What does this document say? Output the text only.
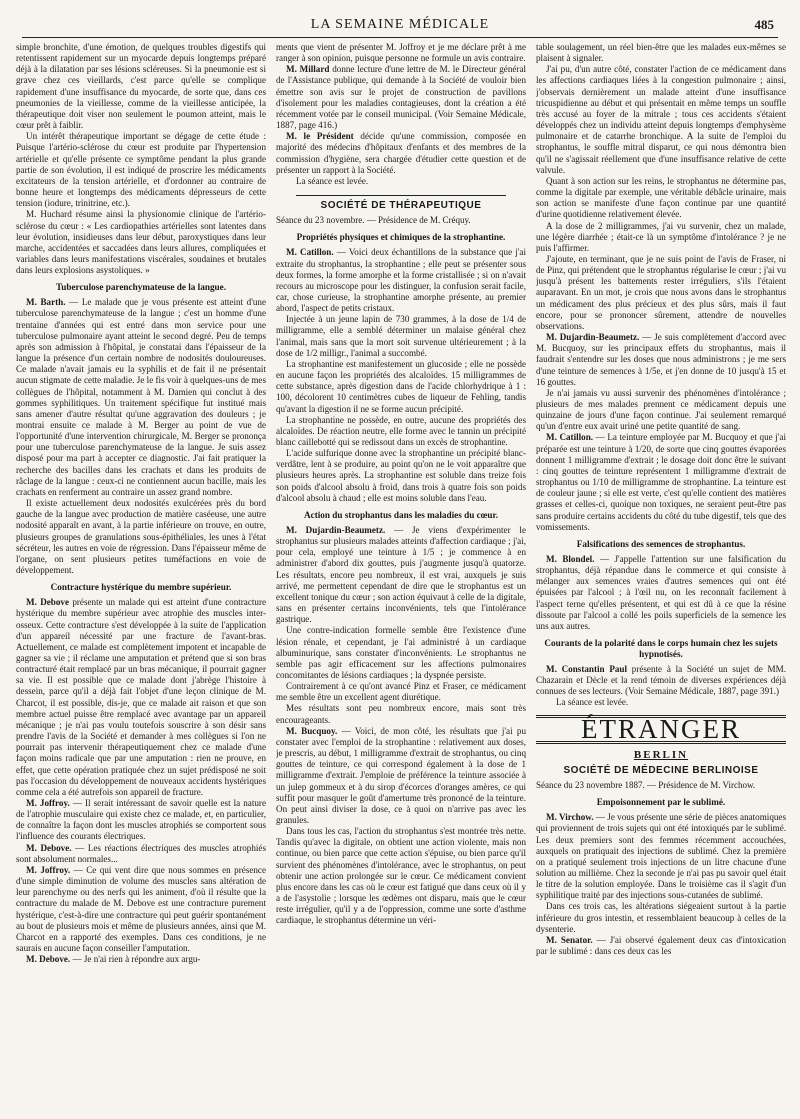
LA SEMAINE MÉDICALE	485

simple bronchite, d'une émotion, de quelques troubles digestifs qui retentissent rapidement sur un myocarde depuis longtemps préparé déjà à la dilatation par ses lésions scléreuses. Si la pneumonie est si grave chez ces vieillards, c'est parce qu'elle se complique rapidement d'une insuffisance du myocarde, de sorte que, dans ces pneumonies de la vieillesse, comme de la vieillesse anticipée, la thérapeutique doit viser non seulement le poumon atteint, mais le cœur prêt à faiblir.

Un intérêt thérapeutique important se dégage de cette étude : Puisque l'artério-sclérose du cœur est produite par l'hypertension artérielle et qu'elle présente ce symptôme pendant la plus grande partie de son évolution, il est indiqué de proscrire les médicaments excitateurs de la tension artérielle, et d'ordonner au contraire de bonne heure et longtemps des médicaments dépresseurs de cette tension (iodure, trinitrine, etc.).

M. Huchard résume ainsi la physionomie clinique de l'artério-sclérose du cœur : « Les cardiopathies artérielles sont latentes dans leur évolution, insidieuses dans leur début, paroxystiques dans leur marche, accidentées et saccadées dans leurs allures, compliquées et variables dans leurs manifestations viscérales, soudaines et brutales dans leurs explosions asystoliques. »

Tuberculose parenchymateuse de la langue.

M. Barth. — Le malade que je vous présente est atteint d'une tuberculose parenchymateuse de la langue ; c'est un homme d'une trentaine d'années qui est entré dans mon service pour une tuberculose pulmonaire ayant atteint le second degré. Peu de temps après son admission à l'hôpital, je constatai dans l'épaisseur de la langue la présence d'un certain nombre de nodosités douloureuses. Ce malade n'avait jamais eu la syphilis et de fait il ne présentait aucun stigmate de cette maladie. Je le fis voir à quelques-uns de mes collègues de l'hôpital, notamment à M. Damien qui conclut à des gommes syphilitiques. Un traitement spécifique fut institué mais sans amener d'autre résultat qu'une aggravation des douleurs ; je montrai ensuite ce malade à M. Berger au point de vue de l'opportunité d'une intervention chirurgicale, M. Berger se prononça pour une tuberculose parenchymateuse de la langue. Je suis assez disposé pour ma part à accepter ce diagnostic. J'ai fait pratiquer la recherche des bacilles dans les crachats et dans les produits de râclage de la langue : ceux-ci ne contiennent aucun bacille, mais les crachats en renferment au contraire un assez grand nombre.

Il existe actuellement deux nodosités exulcérées près du bord gauche de la langue avec production de matière caséeuse, une autre nodosité apparaît en avant, à la partie inférieure on trouve, en outre, plusieurs groupes de granulations sous-épithéliales, les unes à l'état sécréteur, les autres en voie de régression. Dans l'épaisseur même de l'organe, on sent plusieurs petites tuméfactions en voie de développement.

Contracture hystérique du membre supérieur.

M. Debove présente un malade qui est atteint d'une contracture hystérique du membre supérieur avec atrophie des muscles inter-osseux. Cette contracture s'est développée à la suite de l'application d'un appareil nécessité par une fracture de l'avant-bras. Actuellement, ce malade est complètement impotent et incapable de gagner sa vie ; il réclame une amputation et prétend que si son bras contracturé était remplacé par un bras mécanique, il pourrait gagner sa vie. Il est possible que ce malade dont j'abrège l'histoire à dessein, parce qu'il a déjà fait l'objet d'une leçon clinique de M. Charcot, il est possible, dis-je, que ce malade ait raison et que son membre actuel puisse être remplacé avec avantage par un appareil mécanique ; je n'ai pas voulu toutefois souscrire à son désir sans prendre l'avis de la Société et demander à mes collègues si l'on ne pourrait pas intervenir thérapeutiquement chez ce malade d'une façon moins radicale que par une amputation : rien ne prouve, en effet, que cette opération pratiquée chez un sujet prédisposé ne soit pas l'occasion du développement de nouveaux accidents hystériques comme cela a été autrefois son appareil de fracture.

M. Joffroy. — Il serait intéressant de savoir quelle est la nature de l'atrophie musculaire qui existe chez ce malade, et, en particulier, de connaître la façon dont les muscles atrophiés se comportent sous l'influence des courants électriques.

M. Debove. — Les réactions électriques des muscles atrophiés sont absolument normales...

M. Joffroy. — Ce qui vent dire que nous sommes en présence d'une simple diminution de volume des muscles sans altération de leur parenchyme ou des nerfs qui les animent, d'où il résulte que la contracture du malade de M. Debove est une contracture purement hystérique, c'est-à-dire une contracture qui peut guérir spontanément au bout de plusieurs mois et même de plusieurs années, ainsi que M. Charcot en a rapporté des exemples. Dans ces conditions, je ne saurais en aucune façon conseiller l'amputation.

M. Debove. — Je n'ai rien à répondre aux argu-

ments que vient de présenter M. Joffroy et je me déclare prêt à me ranger à son opinion, puisque personne ne formule un avis contraire.

M. Millard donne lecture d'une lettre de M. le Directeur général de l'Assistance publique, qui demande à la Société de vouloir bien émettre son avis sur le projet de construction de pavillons d'isolement pour les maladies contagieuses, dont la création a été récemment votée par le conseil municipal. (Voir Semaine Médicale, 1887, page 416.)

M. le Président décide qu'une commission, composée en majorité des médecins d'hôpitaux d'enfants et des membres de la commission d'hygiène, sera chargée d'étudier cette question et de présenter un rapport à la Société.

La séance est levée.

SOCIÉTÉ DE THÉRAPEUTIQUE

Séance du 23 novembre. — Présidence de M. Créquy.

Propriétés physiques et chimiques de la strophantine.

M. Catillon. — Voici deux échantillons de la substance que j'ai extraite du strophantus, la strophantine ; elle peut se présenter sous deux formes, la forme amorphe et la forme cristallisée ; si on n'avait recours au microscope pour les distinguer, la confusion serait facile, car, chose curieuse, la strophantine amorphe présente, au premier abord, l'aspect de petits cristaux.

Injectée à un jeune lapin de 730 grammes, à la dose de 1/4 de milligramme, elle a semblé déterminer un malaise général chez l'animal, mais sans que la mort soit survenue ultérieurement ; à la dose de 1/2 milligr., l'animal a succombé.

La strophantine est manifestement un glucoside ; elle ne possède en aucune façon les propriétés des alcaloïdes. 15 milligrammes de cette substance, après digestion dans de l'acide chlorhydrique à 1 : 100, décolorent 10 centimètres cubes de liqueur de Fehling, tandis qu'avant la digestion il ne se forme aucun précipité.

La strophantine ne possède, en outre, aucune des propriétés des alcaloïdes. De réaction neutre, elle forme avec le tannin un précipité blanc caillebotté qui se redissout dans un excès de strophantine.

L'acide sulfurique donne avec la strophantine un précipité blanc-verdâtre, lent à se produire, au point qu'on ne le voit apparaître que plusieurs heures après. La strophantine est soluble dans treize fois son poids d'alcool absolu à froid, dans trois à quatre fois son poids d'alcool absolu à chaud ; elle est moins soluble dans l'eau.

Action du strophantus dans les maladies du cœur.

M. Dujardin-Beaumetz. — Je viens d'expérimenter le strophantus sur plusieurs malades atteints d'affection cardiaque ; j'ai, pour cela, employé une teinture à 1/5 ; je commence à en administrer d'abord dix gouttes, puis j'augmente jusqu'à quatorze. Les résultats, encore peu nombreux, il est vrai, auxquels je suis arrivé, me permettent cependant de dire que le strophantus est un excellent tonique du cœur ; son action équivaut à celle de la digitale, sans en présenter certains inconvénients, tels que l'intolérance gastrique.

Une contre-indication formelle semble être l'existence d'une lésion rénale, et cependant, je l'ai administré à un cardiaque albuminurique, sans constater d'inconvénients. Le strophantus ne semble pas agir efficacement sur les affections pulmonaires concomitantes de lésions cardiaques ; la dyspnée persiste.

Contrairement à ce qu'ont avancé Pinz et Fraser, ce médicament me semble être un excellent agent diurétique.

Mes résultats sont peu nombreux encore, mais sont très encourageants.

M. Bucquoy. — Voici, de mon côté, les résultats que j'ai pu constater avec l'emploi de la strophantine : relativement aux doses, je prescris, au début, 1 milligramme d'extrait de strophantus, ou cinq gouttes de teinture, ce qui correspond également à la dose de 1 milligramme d'extrait. J'emploie de préférence la teinture associée à un julep gommeux et à du sirop d'écorces d'oranges amères, ce qui suffit pour masquer le goût d'amertume très prononcé de la teinture. On peut ainsi diviser la dose, ce à quoi on n'arrive pas avec les granules.

Dans tous les cas, l'action du strophantus s'est montrée très nette. Tandis qu'avec la digitale, on obtient une action violente, mais non continue, ou bien parce que cette action s'épuise, ou bien parce qu'il survient des phénomènes d'intolérance, avec le strophantus, on peut obtenir une action prolongée sur le cœur. Ce médicament convient plus encore dans les cas où le cœur est fatigué que dans ceux où il y a de l'asystolie ; lorsque les œdèmes ont disparu, mais que le cœur reste irrégulier, qu'il y a de l'oppression, comme une sorte d'asthme cardiaque, le strophantus détermine un véri-

table soulagement, un réel bien-être que les malades eux-mêmes se plaisent à signaler.

J'ai pu, d'un autre côté, constater l'action de ce médicament dans les affections cardiaques liées à la congestion pulmonaire ; ainsi, j'observais dernièrement un malade atteint d'une insuffisance tricuspidienne au début et qui présentait en même temps un souffle très accusé au foyer de la mitrale ; tous ces accidents s'étaient développés chez un individu atteint depuis longtemps d'emphysème pulmonaire et de catarrhe bronchique. A la suite de l'emploi du strophantus, le souffle mitral disparut, ce qui nous démontra bien qu'il ne s'agissait réellement que d'une insuffisance relative de cette valvule.

Quant à son action sur les reins, le strophantus ne détermine pas, comme la digitale par exemple, une véritable débâcle urinaire, mais son action se manifeste d'une façon continue par une quantité d'urine quotidienne relativement élevée.

A la dose de 2 milligrammes, j'ai vu survenir, chez un malade, une légère diarrhée ; était-ce là un symptôme d'intolérance ? je ne puis l'affirmer.

J'ajoute, en terminant, que je ne suis point de l'avis de Fraser, ni de Pinz, qui prétendent que le strophantus régularise le cœur ; j'ai vu jusqu'à présent les battements rester irréguliers, s'ils l'étaient auparavant. En un mot, je crois que nous avons dans le strophantus un médicament des plus précieux et des plus sûrs, mais il faut encore, pour se prononcer sûrement, attendre de nouvelles observations.

M. Dujardin-Beaumetz. — Je suis complètement d'accord avec M. Bucquoy, sur les principaux effets du strophantus, mais il faudrait s'entendre sur les doses que nous administrons ; je me sers d'une teinture de semences à 1/5e, et j'en donne de 10 jusqu'à 15 et 16 gouttes.

Je n'ai jamais vu aussi survenir des phénomènes d'intolérance ; plusieurs de mes malades prennent ce médicament depuis une quinzaine de jours d'une façon continue. J'ai seulement remarqué qu'un d'entre eux avait uriné une petite quantité de sang.

M. Catillon. — La teinture employée par M. Bucquoy et que j'ai préparée est une teinture à 1/20, de sorte que cinq gouttes évaporées donnent 1 milligramme d'extrait ; le dosage doit donc être le suivant : cinq gouttes de teinture représentent 1 milligramme d'extrait de strophantus ou 1/10 de milligramme de strophantine. La teinture est de couleur jaune ; si elle est verte, c'est qu'elle contient des matières grasses et celles-ci, quoique non toxiques, ne seraient peut-être pas sans produire certains accidents du côté du tube digestif, tels que des vomissements.

Falsifications des semences de strophantus.

M. Blondel. — J'appelle l'attention sur une falsification du strophantus, déjà répandue dans le commerce et qui consiste à mélanger aux semences vraies d'autres semences qui ont été épuisées par l'alcool ; à l'œil nu, on les reconnaît facilement à l'aspect terne qu'elles présentent, et qui est dû à ce que la résine dissoute par l'alcool a collé les poils superficiels de la semence les uns aux autres.

Courants de la polarité dans le corps humain chez les sujets hypnotisés.

M. Constantin Paul présente à la Société un sujet de MM. Chazarain et Dècle et la rend témoin de diverses expériences déjà connues de ses lecteurs. (Voir Semaine Médicale, 1887, page 391.)

La séance est levée.

ÉTRANGER
BERLIN
SOCIÉTÉ DE MÉDECINE BERLINOISE

Séance du 23 novembre 1887. — Présidence de M. Virchow.

Empoisonnement par le sublimé.

M. Virchow. — Je vous présente une série de pièces anatomiques qui proviennent de trois sujets qui ont été intoxiqués par le sublimé. Les deux premiers sont des femmes récemment accouchées, auxquels on pratiquait des injections de sublimé. Chez la première on a pratiqué seulement trois injections de un litre chacune d'une solution au millième. Chez la seconde je n'ai pas pu savoir quel était le titre de la solution employée. Dans le troisième cas il s'agit d'un syphilitique traité par des injections sous-cutanées de sublimé.

Dans ces trois cas, les altérations siégeaient surtout à la partie inférieure du gros intestin, et ressemblaient beaucoup à celles de la dysenterie.

M. Senator. — J'ai observé également deux cas d'intoxication par le sublimé : dans ces deux cas les
